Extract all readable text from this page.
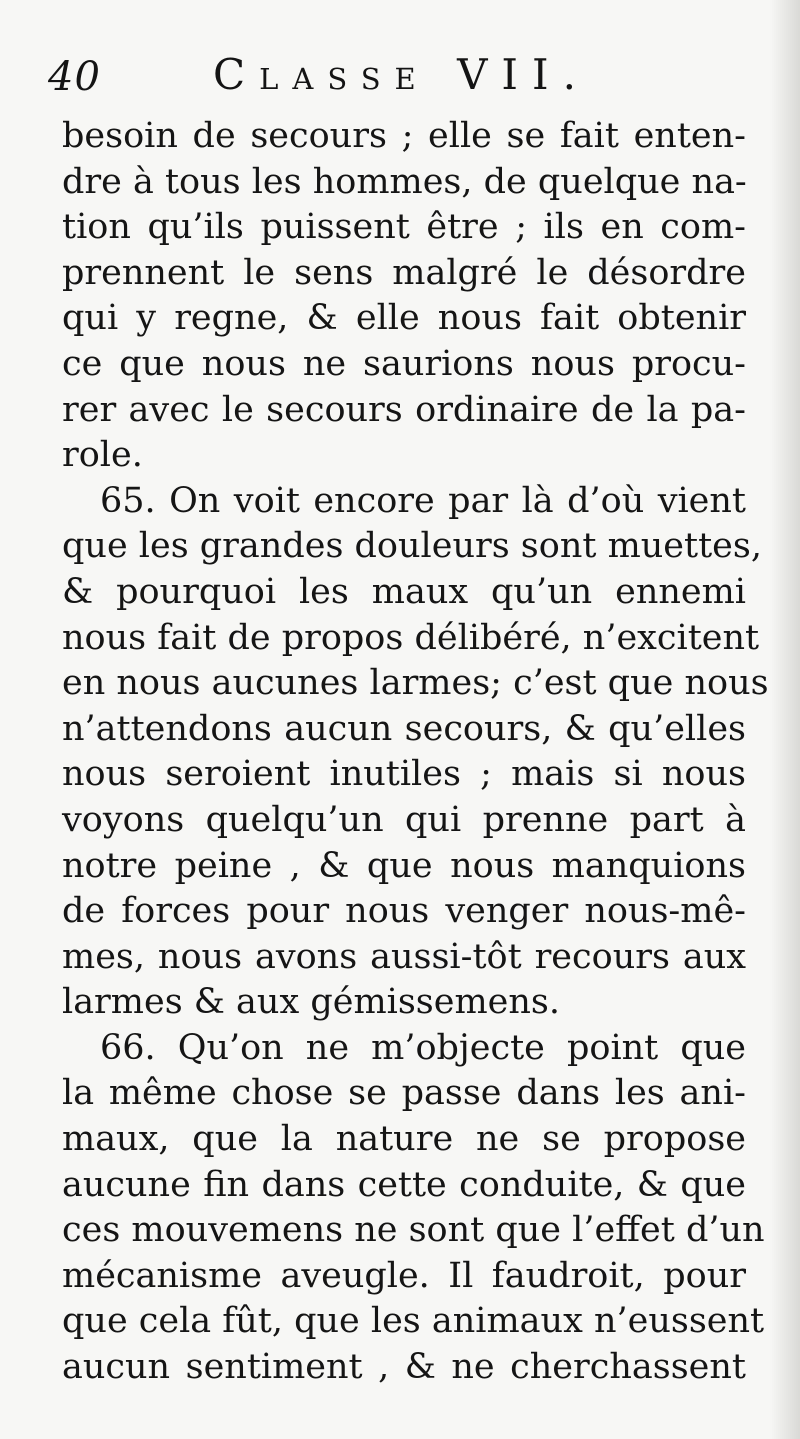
40	Classe VII.
besoin de secours ; elle se fait enten-
dre à tous les hommes, de quelque na-
tion qu’ils puissent être ; ils en com-
prennent le sens malgré le désordre
qui y regne, & elle nous fait obtenir
ce que nous ne saurions nous procu-
rer avec le secours ordinaire de la pa-
role.
65. On voit encore par là d’où vient
que les grandes douleurs sont muettes,
& pourquoi les maux qu’un ennemi
nous fait de propos délibéré, n’excitent
en nous aucunes larmes; c’est que nous
n’attendons aucun secours, & qu’elles
nous seroient inutiles ; mais si nous
voyons quelqu’un qui prenne part à
notre peine , & que nous manquions
de forces pour nous venger nous-mê-
mes, nous avons aussi-tôt recours aux
larmes & aux gémissemens.
66. Qu’on ne m’objecte point que
la même chose se passe dans les ani-
maux, que la nature ne se propose
aucune fin dans cette conduite, & que
ces mouvemens ne sont que l’effet d’un
mécanisme aveugle. Il faudroit, pour
que cela fût, que les animaux n’eussent
aucun sentiment , & ne cherchassent
